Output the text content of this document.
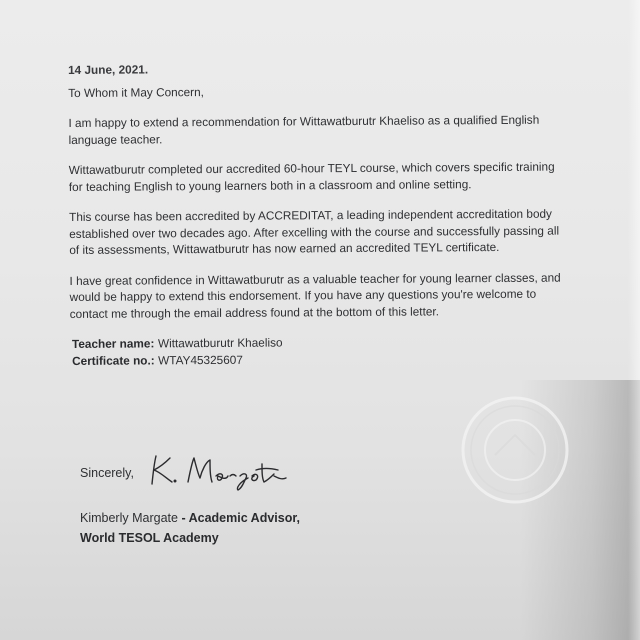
14 June, 2021.
To Whom it May Concern,

I am happy to extend a recommendation for Wittawatburutr Khaeliso as a qualified English language teacher.

Wittawatburutr completed our accredited 60-hour TEYL course, which covers specific training for teaching English to young learners both in a classroom and online setting.

This course has been accredited by ACCREDITAT, a leading independent accreditation body established over two decades ago. After excelling with the course and successfully passing all of its assessments, Wittawatburutr has now earned an accredited TEYL certificate.

I have great confidence in Wittawatburutr as a valuable teacher for young learner classes, and would be happy to extend this endorsement. If you have any questions you're welcome to contact me through the email address found at the bottom of this letter.

Teacher name: Wittawatburutr Khaeliso
Certificate no.: WTAY45325607
Sincerely,
Kimberly Margate - Academic Advisor,
World TESOL Academy
